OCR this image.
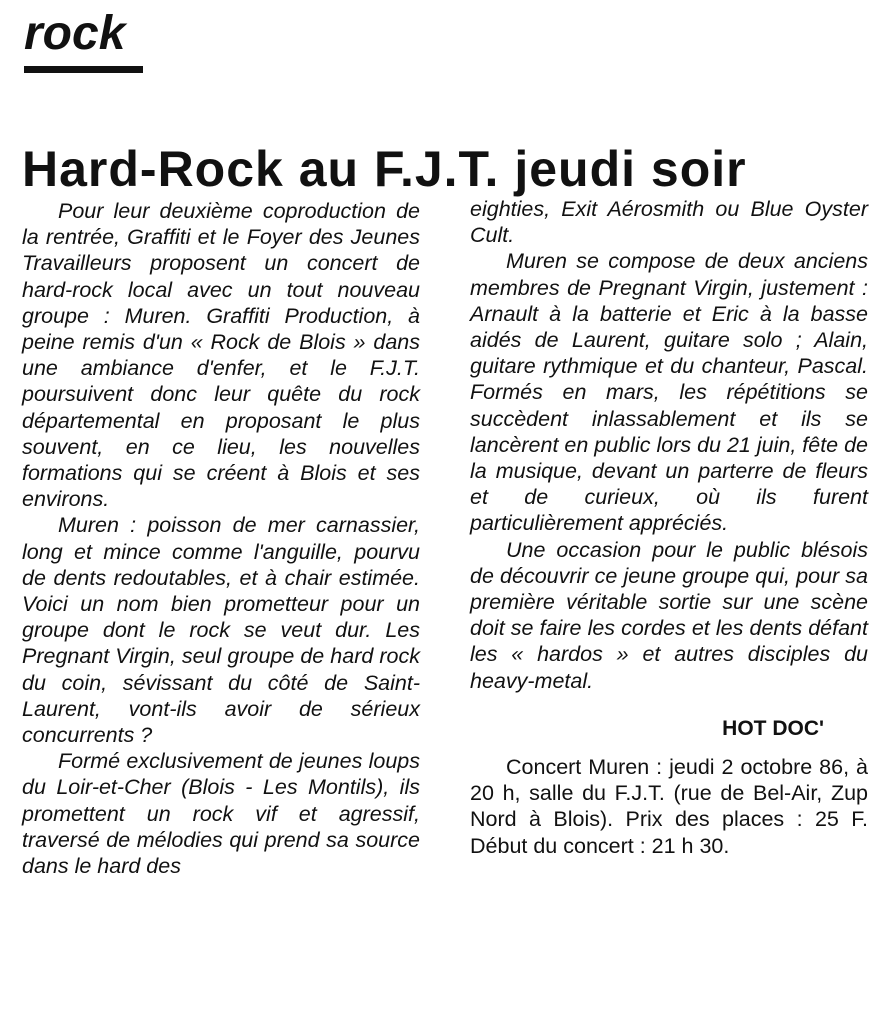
rock
Hard-Rock au F.J.T. jeudi soir

Pour leur deuxième coproduction de la rentrée, Graffiti et le Foyer des Jeunes Travailleurs proposent un concert de hard-rock local avec un tout nouveau groupe : Muren. Graffiti Production, à peine remis d'un « Rock de Blois » dans une ambiance d'enfer, et le F.J.T. poursuivent donc leur quête du rock départemental en proposant le plus souvent, en ce lieu, les nouvelles formations qui se créent à Blois et ses environs.

Muren : poisson de mer carnassier, long et mince comme l'anguille, pourvu de dents redoutables, et à chair estimée. Voici un nom bien prometteur pour un groupe dont le rock se veut dur. Les Pregnant Virgin, seul groupe de hard rock du coin, sévissant du côté de Saint-Laurent, vont-ils avoir de sérieux concurrents ?

Formé exclusivement de jeunes loups du Loir-et-Cher (Blois - Les Montils), ils promettent un rock vif et agressif, traversé de mélodies qui prend sa source dans le hard des

eighties, Exit Aérosmith ou Blue Oyster Cult.

Muren se compose de deux anciens membres de Pregnant Virgin, justement : Arnault à la batterie et Eric à la basse aidés de Laurent, guitare solo ; Alain, guitare rythmique et du chanteur, Pascal. Formés en mars, les répétitions se succèdent inlassablement et ils se lancèrent en public lors du 21 juin, fête de la musique, devant un parterre de fleurs et de curieux, où ils furent particulièrement appréciés.

Une occasion pour le public blésois de découvrir ce jeune groupe qui, pour sa première véritable sortie sur une scène doit se faire les cordes et les dents défant les « hardos » et autres disciples du heavy-metal.

HOT DOC'

Concert Muren : jeudi 2 octobre 86, à 20 h, salle du F.J.T. (rue de Bel-Air, Zup Nord à Blois). Prix des places : 25 F. Début du concert : 21 h 30.
